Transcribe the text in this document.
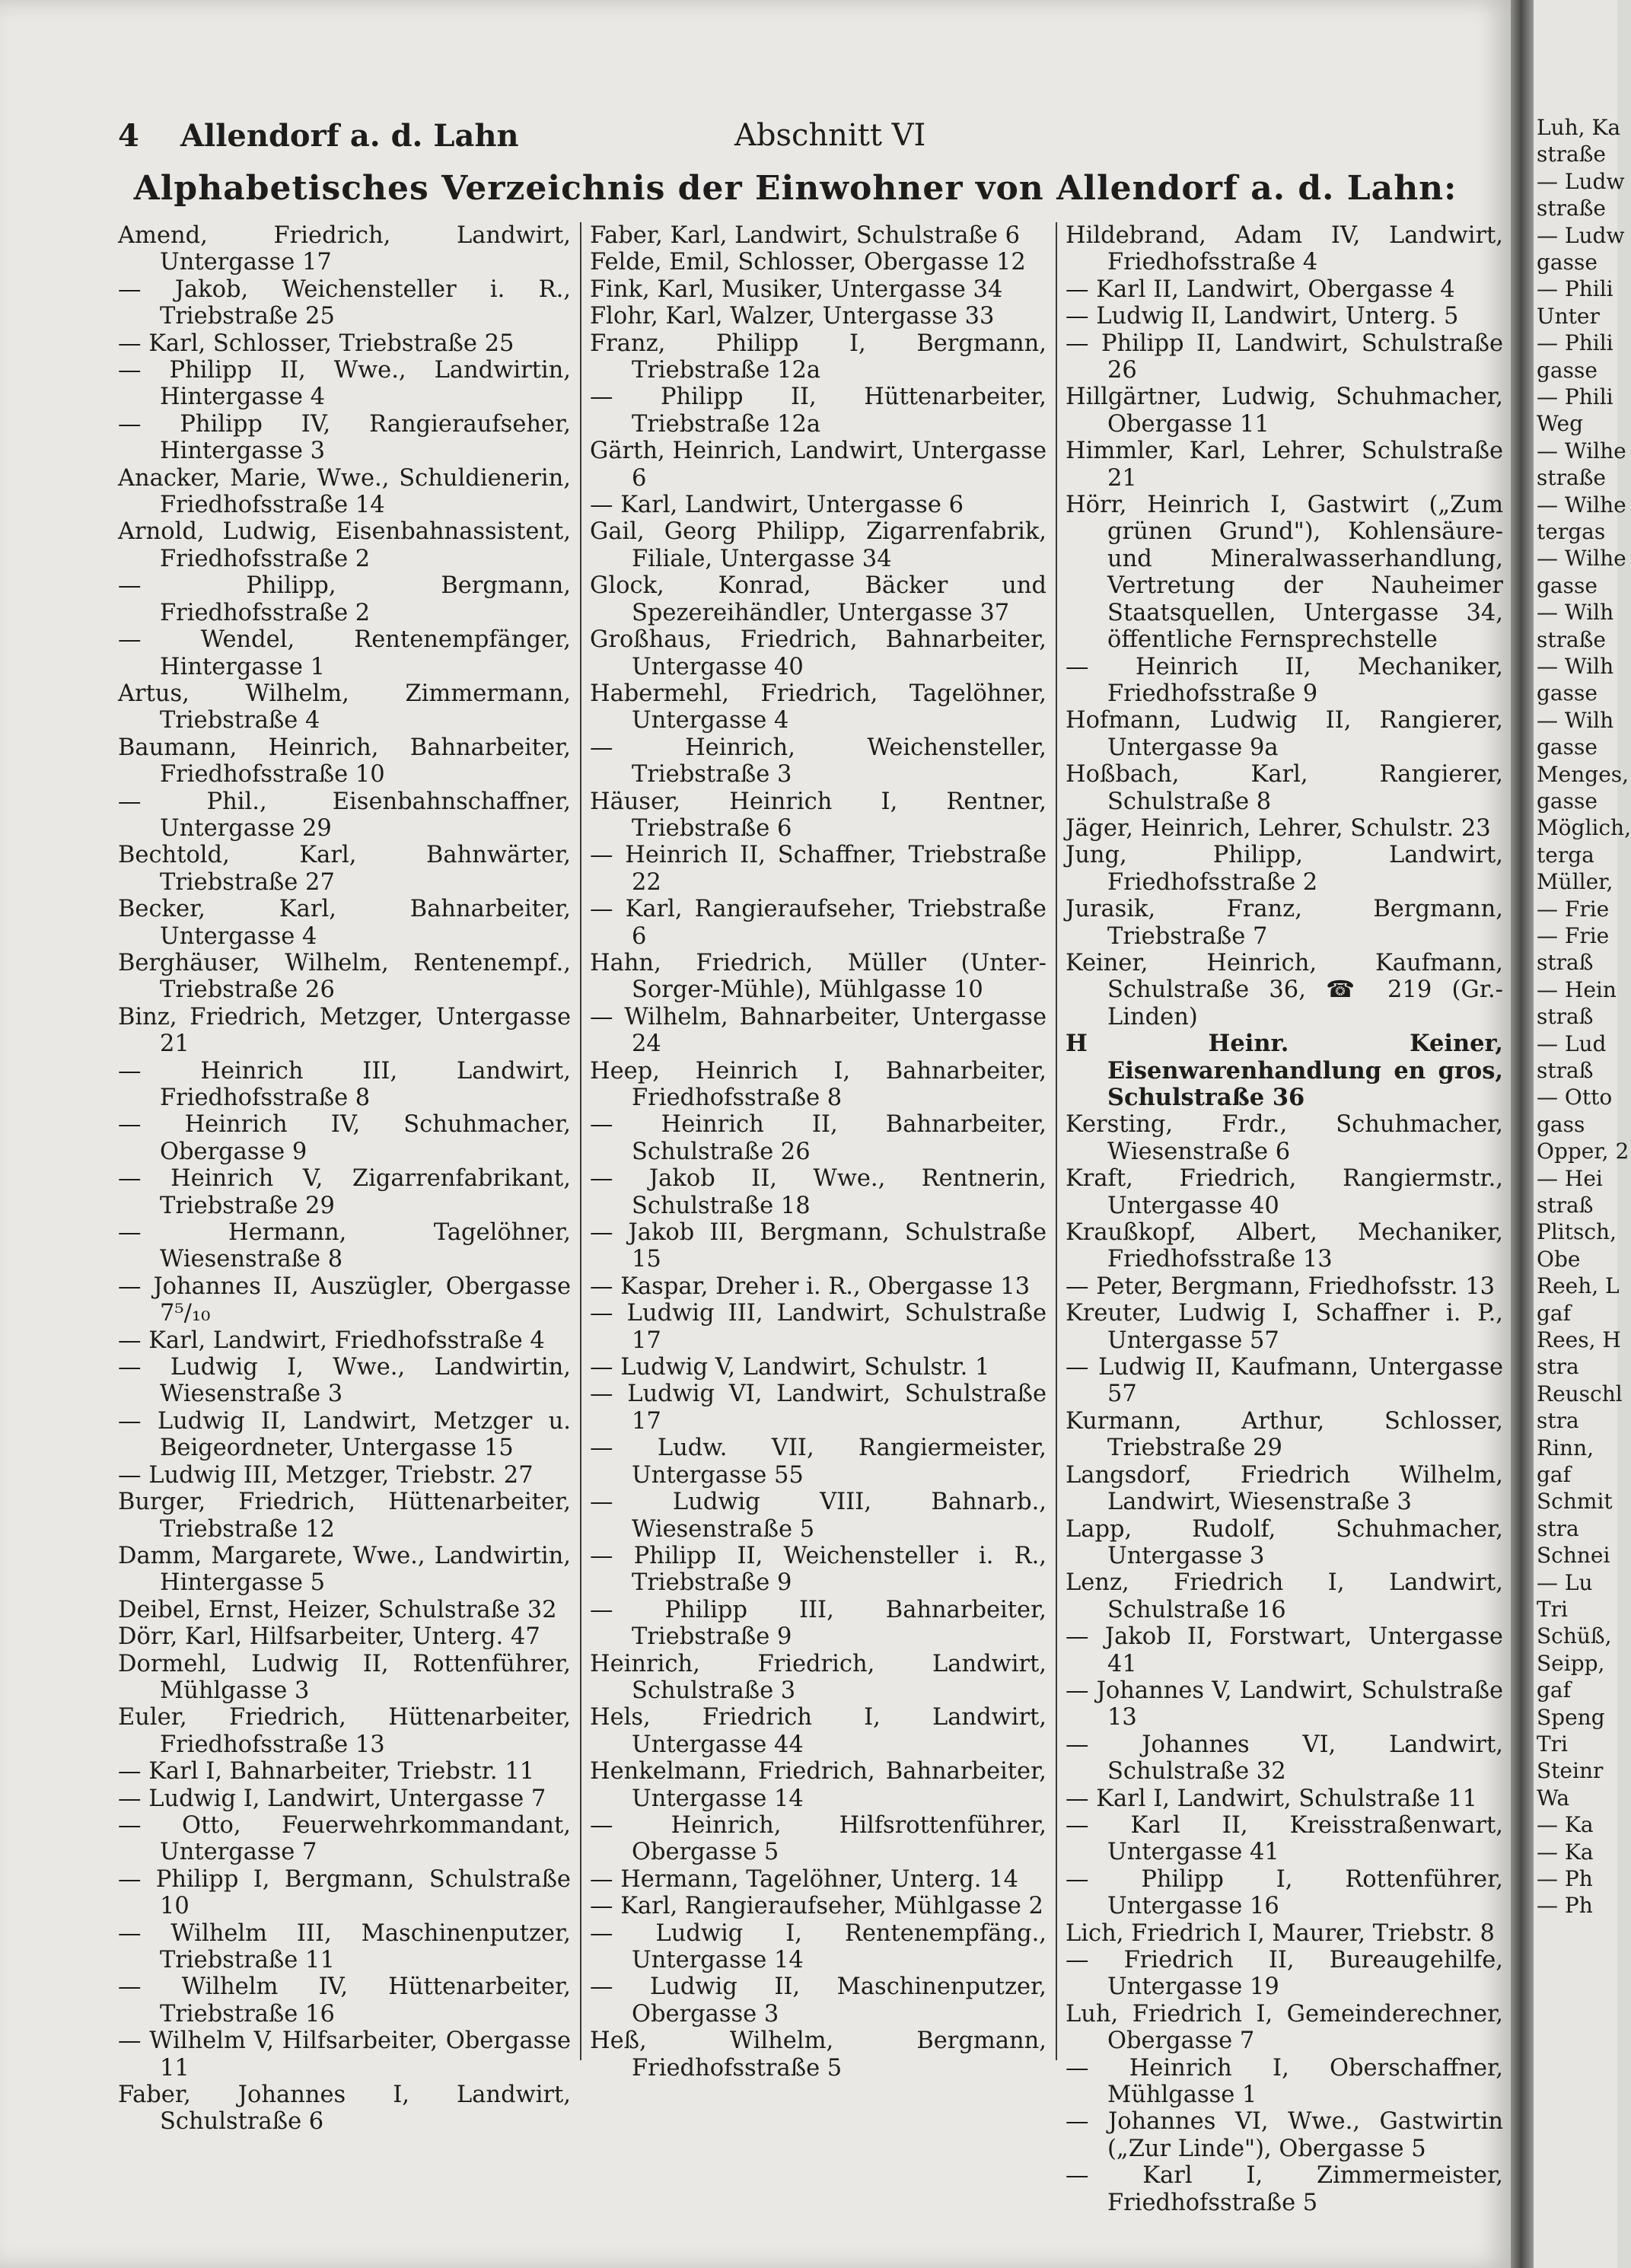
4 Allendorf a. d. Lahn	Abschnitt VI
Alphabetisches Verzeichnis der Einwohner von Allendorf a. d. Lahn:
Amend, Friedrich, Landwirt, Untergasse 17
— Jakob, Weichensteller i. R., Triebstraße 25
— Karl, Schlosser, Triebstraße 25
— Philipp II, Wwe., Landwirtin, Hintergasse 4
— Philipp IV, Rangieraufseher, Hintergasse 3
Anacker, Marie, Wwe., Schuldienerin, Friedhofsstraße 14
Arnold, Ludwig, Eisenbahnassistent, Friedhofsstraße 2
— Philipp, Bergmann, Friedhofsstraße 2
— Wendel, Rentenempfänger, Hintergasse 1
Artus, Wilhelm, Zimmermann, Triebstraße 4
Baumann, Heinrich, Bahnarbeiter, Friedhofsstraße 10
— Phil., Eisenbahnschaffner, Untergasse 29
Bechtold, Karl, Bahnwärter, Triebstraße 27
Becker, Karl, Bahnarbeiter, Untergasse 4
Berghäuser, Wilhelm, Rentenempf., Triebstraße 26
Binz, Friedrich, Metzger, Untergasse 21
— Heinrich III, Landwirt, Friedhofsstraße 8
— Heinrich IV, Schuhmacher, Obergasse 9
— Heinrich V, Zigarrenfabrikant, Triebstraße 29
— Hermann, Tagelöhner, Wiesenstraße 8
— Johannes II, Auszügler, Obergasse 7⁵/₁₀
— Karl, Landwirt, Friedhofsstraße 4
— Ludwig I, Wwe., Landwirtin, Wiesenstraße 3
— Ludwig II, Landwirt, Metzger u. Beigeordneter, Untergasse 15
— Ludwig III, Metzger, Triebstr. 27
Burger, Friedrich, Hüttenarbeiter, Triebstraße 12
Damm, Margarete, Wwe., Landwirtin, Hintergasse 5
Deibel, Ernst, Heizer, Schulstraße 32
Dörr, Karl, Hilfsarbeiter, Unterg. 47
Dormehl, Ludwig II, Rottenführer, Mühlgasse 3
Euler, Friedrich, Hüttenarbeiter, Friedhofsstraße 13
— Karl I, Bahnarbeiter, Triebstr. 11
— Ludwig I, Landwirt, Untergasse 7
— Otto, Feuerwehrkommandant, Untergasse 7
— Philipp I, Bergmann, Schulstraße 10
— Wilhelm III, Maschinenputzer, Triebstraße 11
— Wilhelm IV, Hüttenarbeiter, Triebstraße 16
— Wilhelm V, Hilfsarbeiter, Obergasse 11
Faber, Johannes I, Landwirt, Schulstraße 6
Faber, Karl, Landwirt, Schulstraße 6
Felde, Emil, Schlosser, Obergasse 12
Fink, Karl, Musiker, Untergasse 34
Flohr, Karl, Walzer, Untergasse 33
Franz, Philipp I, Bergmann, Triebstraße 12a
— Philipp II, Hüttenarbeiter, Triebstraße 12a
Gärth, Heinrich, Landwirt, Untergasse 6
— Karl, Landwirt, Untergasse 6
Gail, Georg Philipp, Zigarrenfabrik, Filiale, Untergasse 34
Glock, Konrad, Bäcker und Spezereihändler, Untergasse 37
Großhaus, Friedrich, Bahnarbeiter, Untergasse 40
Habermehl, Friedrich, Tagelöhner, Untergasse 4
— Heinrich, Weichensteller, Triebstraße 3
Häuser, Heinrich I, Rentner, Triebstraße 6
— Heinrich II, Schaffner, Triebstraße 22
— Karl, Rangieraufseher, Triebstraße 6
Hahn, Friedrich, Müller (Unter-Sorger-Mühle), Mühlgasse 10
— Wilhelm, Bahnarbeiter, Untergasse 24
Heep, Heinrich I, Bahnarbeiter, Friedhofsstraße 8
— Heinrich II, Bahnarbeiter, Schulstraße 26
— Jakob II, Wwe., Rentnerin, Schulstraße 18
— Jakob III, Bergmann, Schulstraße 15
— Kaspar, Dreher i. R., Obergasse 13
— Ludwig III, Landwirt, Schulstraße 17
— Ludwig V, Landwirt, Schulstr. 1
— Ludwig VI, Landwirt, Schulstraße 17
— Ludw. VII, Rangiermeister, Untergasse 55
— Ludwig VIII, Bahnarb., Wiesenstraße 5
— Philipp II, Weichensteller i. R., Triebstraße 9
— Philipp III, Bahnarbeiter, Triebstraße 9
Heinrich, Friedrich, Landwirt, Schulstraße 3
Hels, Friedrich I, Landwirt, Untergasse 44
Henkelmann, Friedrich, Bahnarbeiter, Untergasse 14
— Heinrich, Hilfsrottenführer, Obergasse 5
— Hermann, Tagelöhner, Unterg. 14
— Karl, Rangieraufseher, Mühlgasse 2
— Ludwig I, Rentenempfäng., Untergasse 14
— Ludwig II, Maschinenputzer, Obergasse 3
Heß, Wilhelm, Bergmann, Friedhofsstraße 5
Hildebrand, Adam IV, Landwirt, Friedhofsstraße 4
— Karl II, Landwirt, Obergasse 4
— Ludwig II, Landwirt, Unterg. 5
— Philipp II, Landwirt, Schulstraße 26
Hillgärtner, Ludwig, Schuhmacher, Obergasse 11
Himmler, Karl, Lehrer, Schulstraße 21
Hörr, Heinrich I, Gastwirt („Zum grünen Grund"), Kohlensäure- und Mineralwasserhandlung, Vertretung der Nauheimer Staatsquellen, Untergasse 34, öffentliche Fernsprechstelle
— Heinrich II, Mechaniker, Friedhofsstraße 9
Hofmann, Ludwig II, Rangierer, Untergasse 9a
Hoßbach, Karl, Rangierer, Schulstraße 8
Jäger, Heinrich, Lehrer, Schulstr. 23
Jung, Philipp, Landwirt, Friedhofsstraße 2
Jurasik, Franz, Bergmann, Triebstraße 7
Keiner, Heinrich, Kaufmann, Schulstraße 36, ☎ 219 (Gr.-Linden)
H Heinr. Keiner, Eisenwarenhandlung en gros, Schulstraße 36
Kersting, Frdr., Schuhmacher, Wiesenstraße 6
Kraft, Friedrich, Rangiermstr., Untergasse 40
Kraußkopf, Albert, Mechaniker, Friedhofsstraße 13
— Peter, Bergmann, Friedhofsstr. 13
Kreuter, Ludwig I, Schaffner i. P., Untergasse 57
— Ludwig II, Kaufmann, Untergasse 57
Kurmann, Arthur, Schlosser, Triebstraße 29
Langsdorf, Friedrich Wilhelm, Landwirt, Wiesenstraße 3
Lapp, Rudolf, Schuhmacher, Untergasse 3
Lenz, Friedrich I, Landwirt, Schulstraße 16
— Jakob II, Forstwart, Untergasse 41
— Johannes V, Landwirt, Schulstraße 13
— Johannes VI, Landwirt, Schulstraße 32
— Karl I, Landwirt, Schulstraße 11
— Karl II, Kreisstraßenwart, Untergasse 41
— Philipp I, Rottenführer, Untergasse 16
Lich, Friedrich I, Maurer, Triebstr. 8
— Friedrich II, Bureaugehilfe, Untergasse 19
Luh, Friedrich I, Gemeinderechner, Obergasse 7
— Heinrich I, Oberschaffner, Mühlgasse 1
— Johannes VI, Wwe., Gastwirtin („Zur Linde"), Obergasse 5
— Karl I, Zimmermeister, Friedhofsstraße 5
Luh, Ka
straße
— Ludw
straße
— Ludw
gasse
— Phili
Unter
— Phili
gasse
— Phili
Weg
— Wilhe
straße
— Wilhe
tergas
— Wilhe
gasse
— Wilh
straße
— Wilh
gasse
— Wilh
gasse
Menges,
gasse
Möglich,
terga
Müller,
— Frie
— Frie
straß
— Hein
straß
— Lud
straß
— Otto
gass
Opper, 2
— Hei
straß
Plitsch,
Obe
Reeh, L
gaf
Rees, H
stra
Reuschl
stra
Rinn,
gaf
Schmit
stra
Schnei
— Lu
Tri
Schüß,
Seipp,
gaf
Speng
Tri
Steinr
Wa
— Ka
— Ka
— Ph
— Ph
